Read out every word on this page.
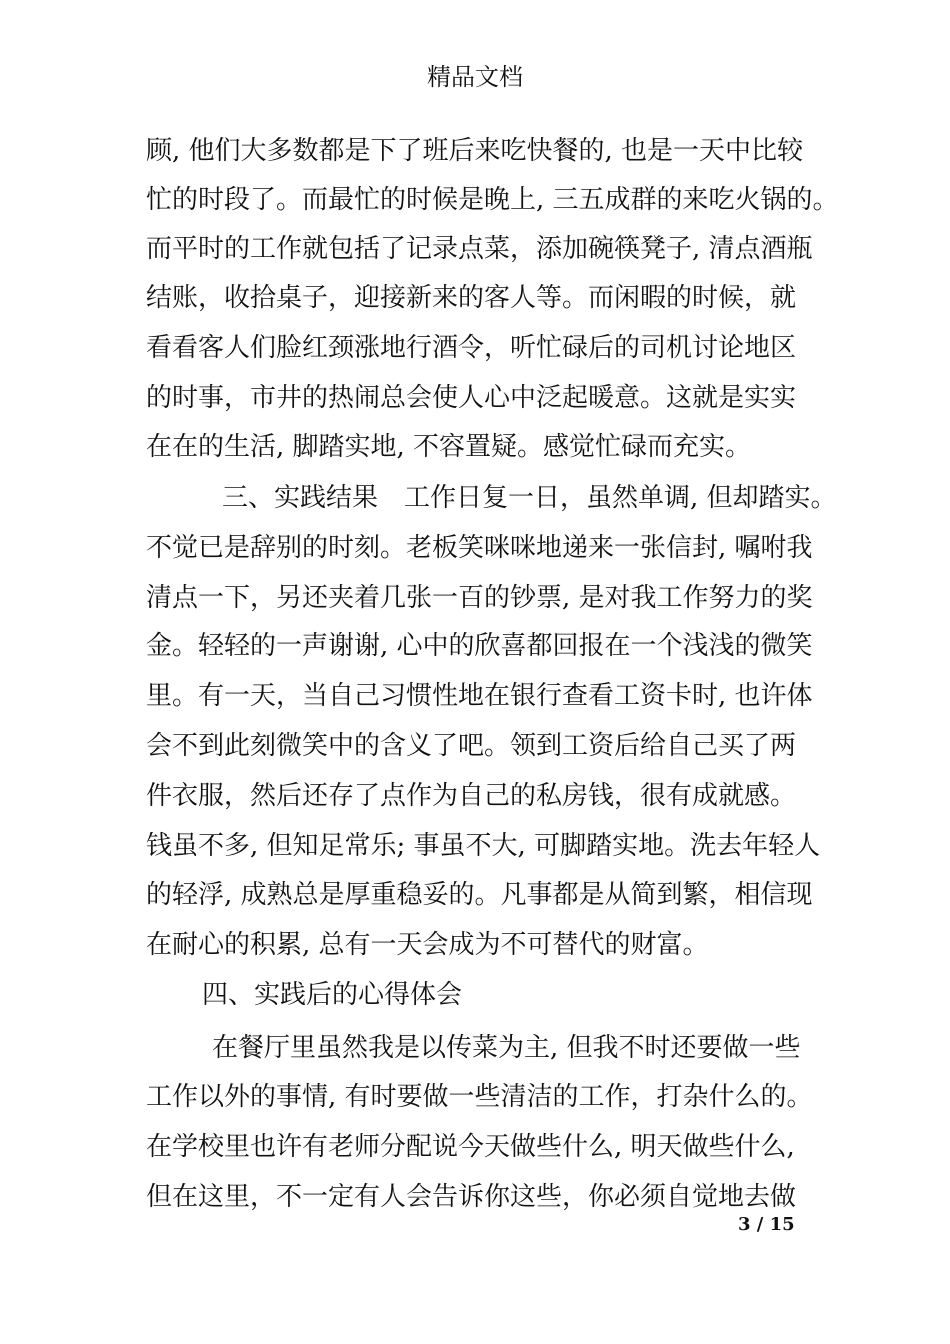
精品文档
顾, 他们大多数都是下了班后来吃快餐的, 也是一天中比较
忙的时段了。而最忙的时候是晚上, 三五成群的来吃火锅的。
而平时的工作就包括了记录点菜，添加碗筷凳子, 清点酒瓶
结账，收拾桌子，迎接新来的客人等。而闲暇的时候，就
看看客人们脸红颈涨地行酒令，听忙碌后的司机讨论地区
的时事，市井的热闹总会使人心中泛起暖意。这就是实实
在在的生活, 脚踏实地, 不容置疑。感觉忙碌而充实。
三、实践结果　工作日复一日，虽然单调, 但却踏实。
不觉已是辞别的时刻。老板笑咪咪地递来一张信封, 嘱咐我
清点一下，另还夹着几张一百的钞票, 是对我工作努力的奖
金。轻轻的一声谢谢, 心中的欣喜都回报在一个浅浅的微笑
里。有一天，当自己习惯性地在银行查看工资卡时, 也许体
会不到此刻微笑中的含义了吧。领到工资后给自己买了两
件衣服，然后还存了点作为自己的私房钱，很有成就感。
钱虽不多, 但知足常乐; 事虽不大, 可脚踏实地。洗去年轻人
的轻浮, 成熟总是厚重稳妥的。凡事都是从简到繁，相信现
在耐心的积累, 总有一天会成为不可替代的财富。
四、实践后的心得体会
在餐厅里虽然我是以传菜为主, 但我不时还要做一些
工作以外的事情, 有时要做一些清洁的工作，打杂什么的。
在学校里也许有老师分配说今天做些什么, 明天做些什么,
但在这里，不一定有人会告诉你这些，你必须自觉地去做
3 / 15
